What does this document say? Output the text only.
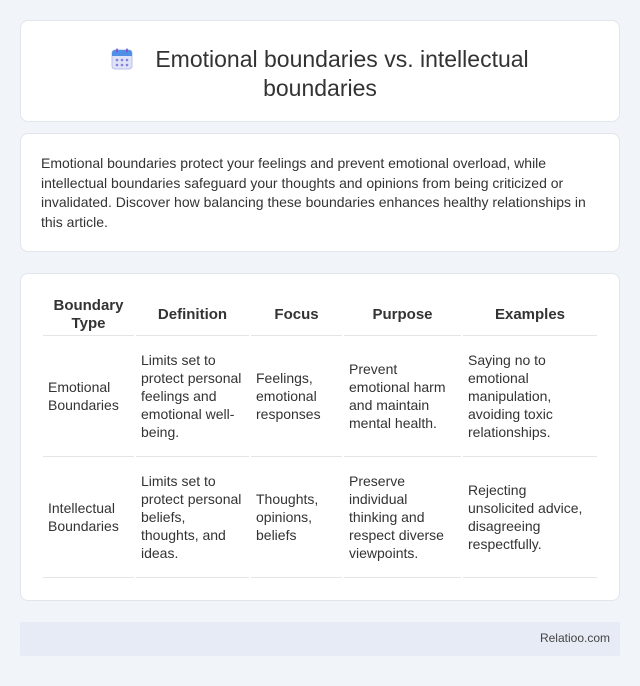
Emotional boundaries vs. intellectual boundaries

Emotional boundaries protect your feelings and prevent emotional overload, while intellectual boundaries safeguard your thoughts and opinions from being criticized or invalidated. Discover how balancing these boundaries enhances healthy relationships in this article.

Boundary Type	Definition	Focus	Purpose	Examples
Emotional Boundaries	Limits set to protect personal feelings and emotional well-being.	Feelings, emotional responses	Prevent emotional harm and maintain mental health.	Saying no to emotional manipulation, avoiding toxic relationships.
Intellectual Boundaries	Limits set to protect personal beliefs, thoughts, and ideas.	Thoughts, opinions, beliefs	Preserve individual thinking and respect diverse viewpoints.	Rejecting unsolicited advice, disagreeing respectfully.
Relatioo.com
